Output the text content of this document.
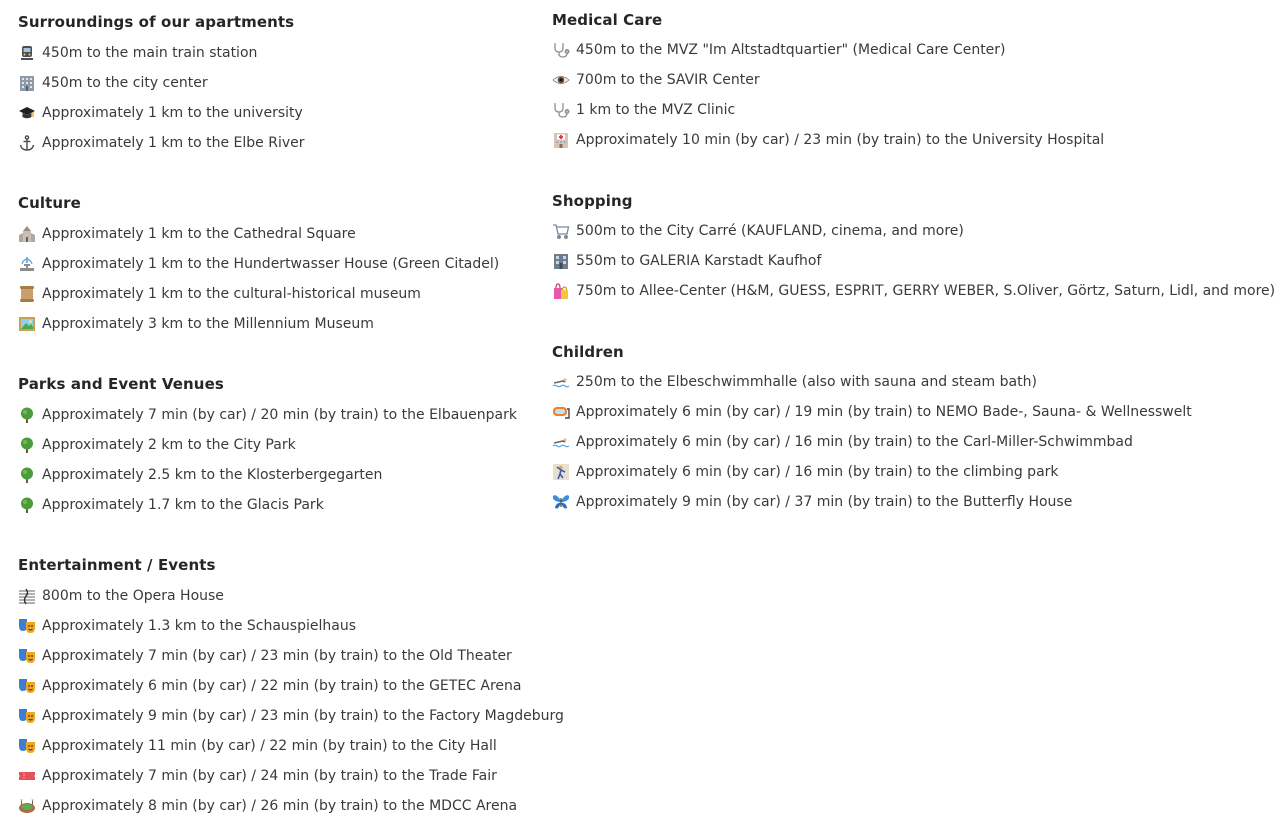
Surroundings of our apartments
450m to the main train station
450m to the city center
Approximately 1 km to the university
Approximately 1 km to the Elbe River
Culture
Approximately 1 km to the Cathedral Square
Approximately 1 km to the Hundertwasser House (Green Citadel)
Approximately 1 km to the cultural-historical museum
Approximately 3 km to the Millennium Museum
Parks and Event Venues
Approximately 7 min (by car) / 20 min (by train) to the Elbauenpark
Approximately 2 km to the City Park
Approximately 2.5 km to the Klosterbergegarten
Approximately 1.7 km to the Glacis Park
Entertainment / Events
800m to the Opera House
Approximately 1.3 km to the Schauspielhaus
Approximately 7 min (by car) / 23 min (by train) to the Old Theater
Approximately 6 min (by car) / 22 min (by train) to the GETEC Arena
Approximately 9 min (by car) / 23 min (by train) to the Factory Magdeburg
Approximately 11 min (by car) / 22 min (by train) to the City Hall
Approximately 7 min (by car) / 24 min (by train) to the Trade Fair
Approximately 8 min (by car) / 26 min (by train) to the MDCC Arena
Medical Care
450m to the MVZ "Im Altstadtquartier" (Medical Care Center)
700m to the SAVIR Center
1 km to the MVZ Clinic
Approximately 10 min (by car) / 23 min (by train) to the University Hospital
Shopping
500m to the City Carré (KAUFLAND, cinema, and more)
550m to GALERIA Karstadt Kaufhof
750m to Allee-Center (H&M, GUESS, ESPRIT, GERRY WEBER, S.Oliver, Görtz, Saturn, Lidl, and more)
Children
250m to the Elbeschwimmhalle (also with sauna and steam bath)
Approximately 6 min (by car) / 19 min (by train) to NEMO Bade-, Sauna- & Wellnesswelt
Approximately 6 min (by car) / 16 min (by train) to the Carl-Miller-Schwimmbad
Approximately 6 min (by car) / 16 min (by train) to the climbing park
Approximately 9 min (by car) / 37 min (by train) to the Butterfly House
